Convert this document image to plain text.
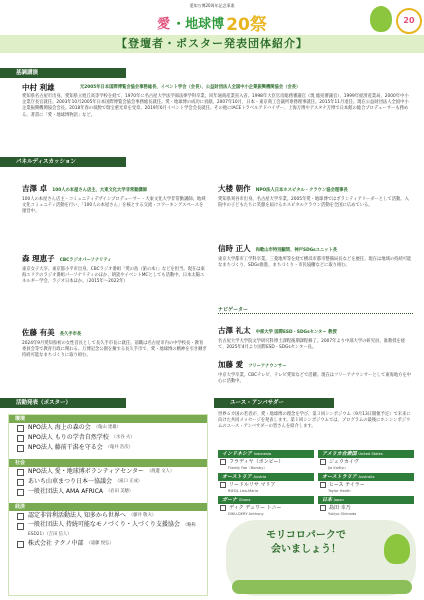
愛知万博20周年記念事業
愛 ・地球博 20祭	20
【登壇者・ポスター発表団体紹介】
基調講演
中村 利雄	元2005年日本国際博覧会協会事務総長、イベント学会（会長）、公益財団法人全国中小企業振興機関協会（会長）
愛知県名古屋市出身。愛知県立旭丘高等学校を経て、1970年に名古屋大学法学部法律学科卒業。同年通商産業省入省。1998年大臣官房総務審議官（現 総括審議官）、1999年経済産業局、2000年中小企業庁長官就任。2003年10月2005年日本国際博覧会協会事務総長就任。愛・地球博の成功に貢献。2007年10月、日本・東京商工会議所専務理事就任。2015年11月退任。現在公益財団法人全国中小企業振興機関協会会長。2018年春の叙勲で瑞宝重光章を受章。2019年6月イベント学会会長就任。その他にIACEトラベルアドバイザー、上海万博やアスタナ万博で日本館の総合プロデューサーも務める。著書に「愛・地球博物語」など。
パネルディスカッション
吉澤 卓 100人の本屋さん店主、大東文化大学非常勤講師
100人の本屋さん店主・コミュニティデザインプロデューサー・大東文化大学非常勤講師。地域文化コミュニティ活動を行い、「100人の本屋さん」を核とする交流・コワーキングスペースを運営中。
森 理恵子 CBCラジオパーソナリティ
東京女子大卒。東京都小平市出身。CBCラジオ番組「愛の島（旅の本）」などを担当。現在は東海エリアのラジオ番組パーソナリティのほか、朗読やイベントMCとしても活動中。日本太陽エネルギー学会、ラジオ日本ほか。（2015年〜2022年）
佐藤 有美 長久手市長
2024年9月愛知県初の女性首長として長久手市長に就任。前職は名古屋市内の中学校長・教育委員会等で教育行政に関わる。万博記念公園を擁する長久手市で、愛・地球博の精神を引き継ぎ持続可能なまちづくりに取り組む。
大楼 朝作 NPO法人日本ホスピタル・クラウン協会理事長
愛知県刈谷市出身。名古屋大学卒業。2005年愛・地球博ではボランティアリーダーとして活動。入院中の子どもたちに笑顔を届けるホスピタルクラウン活動を全国に広めている。
信時 正人 和歌山市特別顧問、神戸SDGsユニット長
東京大学都市工学科卒業。三菱地所等を経て横浜市都市整備局長などを歴任。現在は地域の持続可能なまちづくり、SDGs推進、まちづくり・市民協働などに取り組む。
ナビゲーター
古澤 礼太 中部大学 国際ESD・SDGsセンター 教授
名古屋大学大学院文学研究科博士課程後期課程修了。2007年より中部大学の研究員、准教授を経て、2025年4月より国際ESD・SDGsセンター長。
加藤 愛 フリーアナウンサー
中京大学卒業。CBCテレビ、テレビ愛知などで活躍。現在はフリーアナウンサーとして東海地方を中心に活動中。
活動発表（ポスター）
環境
NPO法人 海上の森の会 （亀山 達雄）
NPO法人 もりの学舎自然学校 （水谷 夫）
NPO法人 藤前干潟を守る会 （亀井 浩次）
社会
NPO法人 愛・地球博ボランティアセンター （渡邊 文人）
あいち山車まつり日本一協議会 （滝口 正成）
一般社団法人 AMA AFRICA （岩田 美穂）
経済
認定非営利活動法人 知多から世界へ （藤井 敬夫）
一般社団法人 持続可能なモノづくり・人づくり支援協会 （略称ESD21）（吉田 信人）
株式会社 テクノ中部 （遠藤 悦弘）
ユース・アンバサダー
世界６カ国の若者が、愛・地球博の理念を学び、第３回シンポジウム（9月13日開催予定）で未来に向けた共同メッセージを発表します。第１回シンポジウムでは、プログラムの最後にホンシンポジウムのユース・アンバサダーの皆さんを紹介します。
インドネシア Indonesia
フラディヤ（ボンビー）
Fladdy Fae（Bomby）
アメリカ合衆国 United States
ジュウカイヴ
Jia Kaitlyn
オーストリア Austria
リードルリサ マリア
RIEDL Lisa-Maria
オーストラリア Australia
ヒース テイラー
Taylor Heath
ガーナ Ghana
ディク デュワー トニー
DIKU-DERY Anthony
日本 Japan
島田 幸乃
Yukiyo Shimada
モリコロパークで
会いましょう！
